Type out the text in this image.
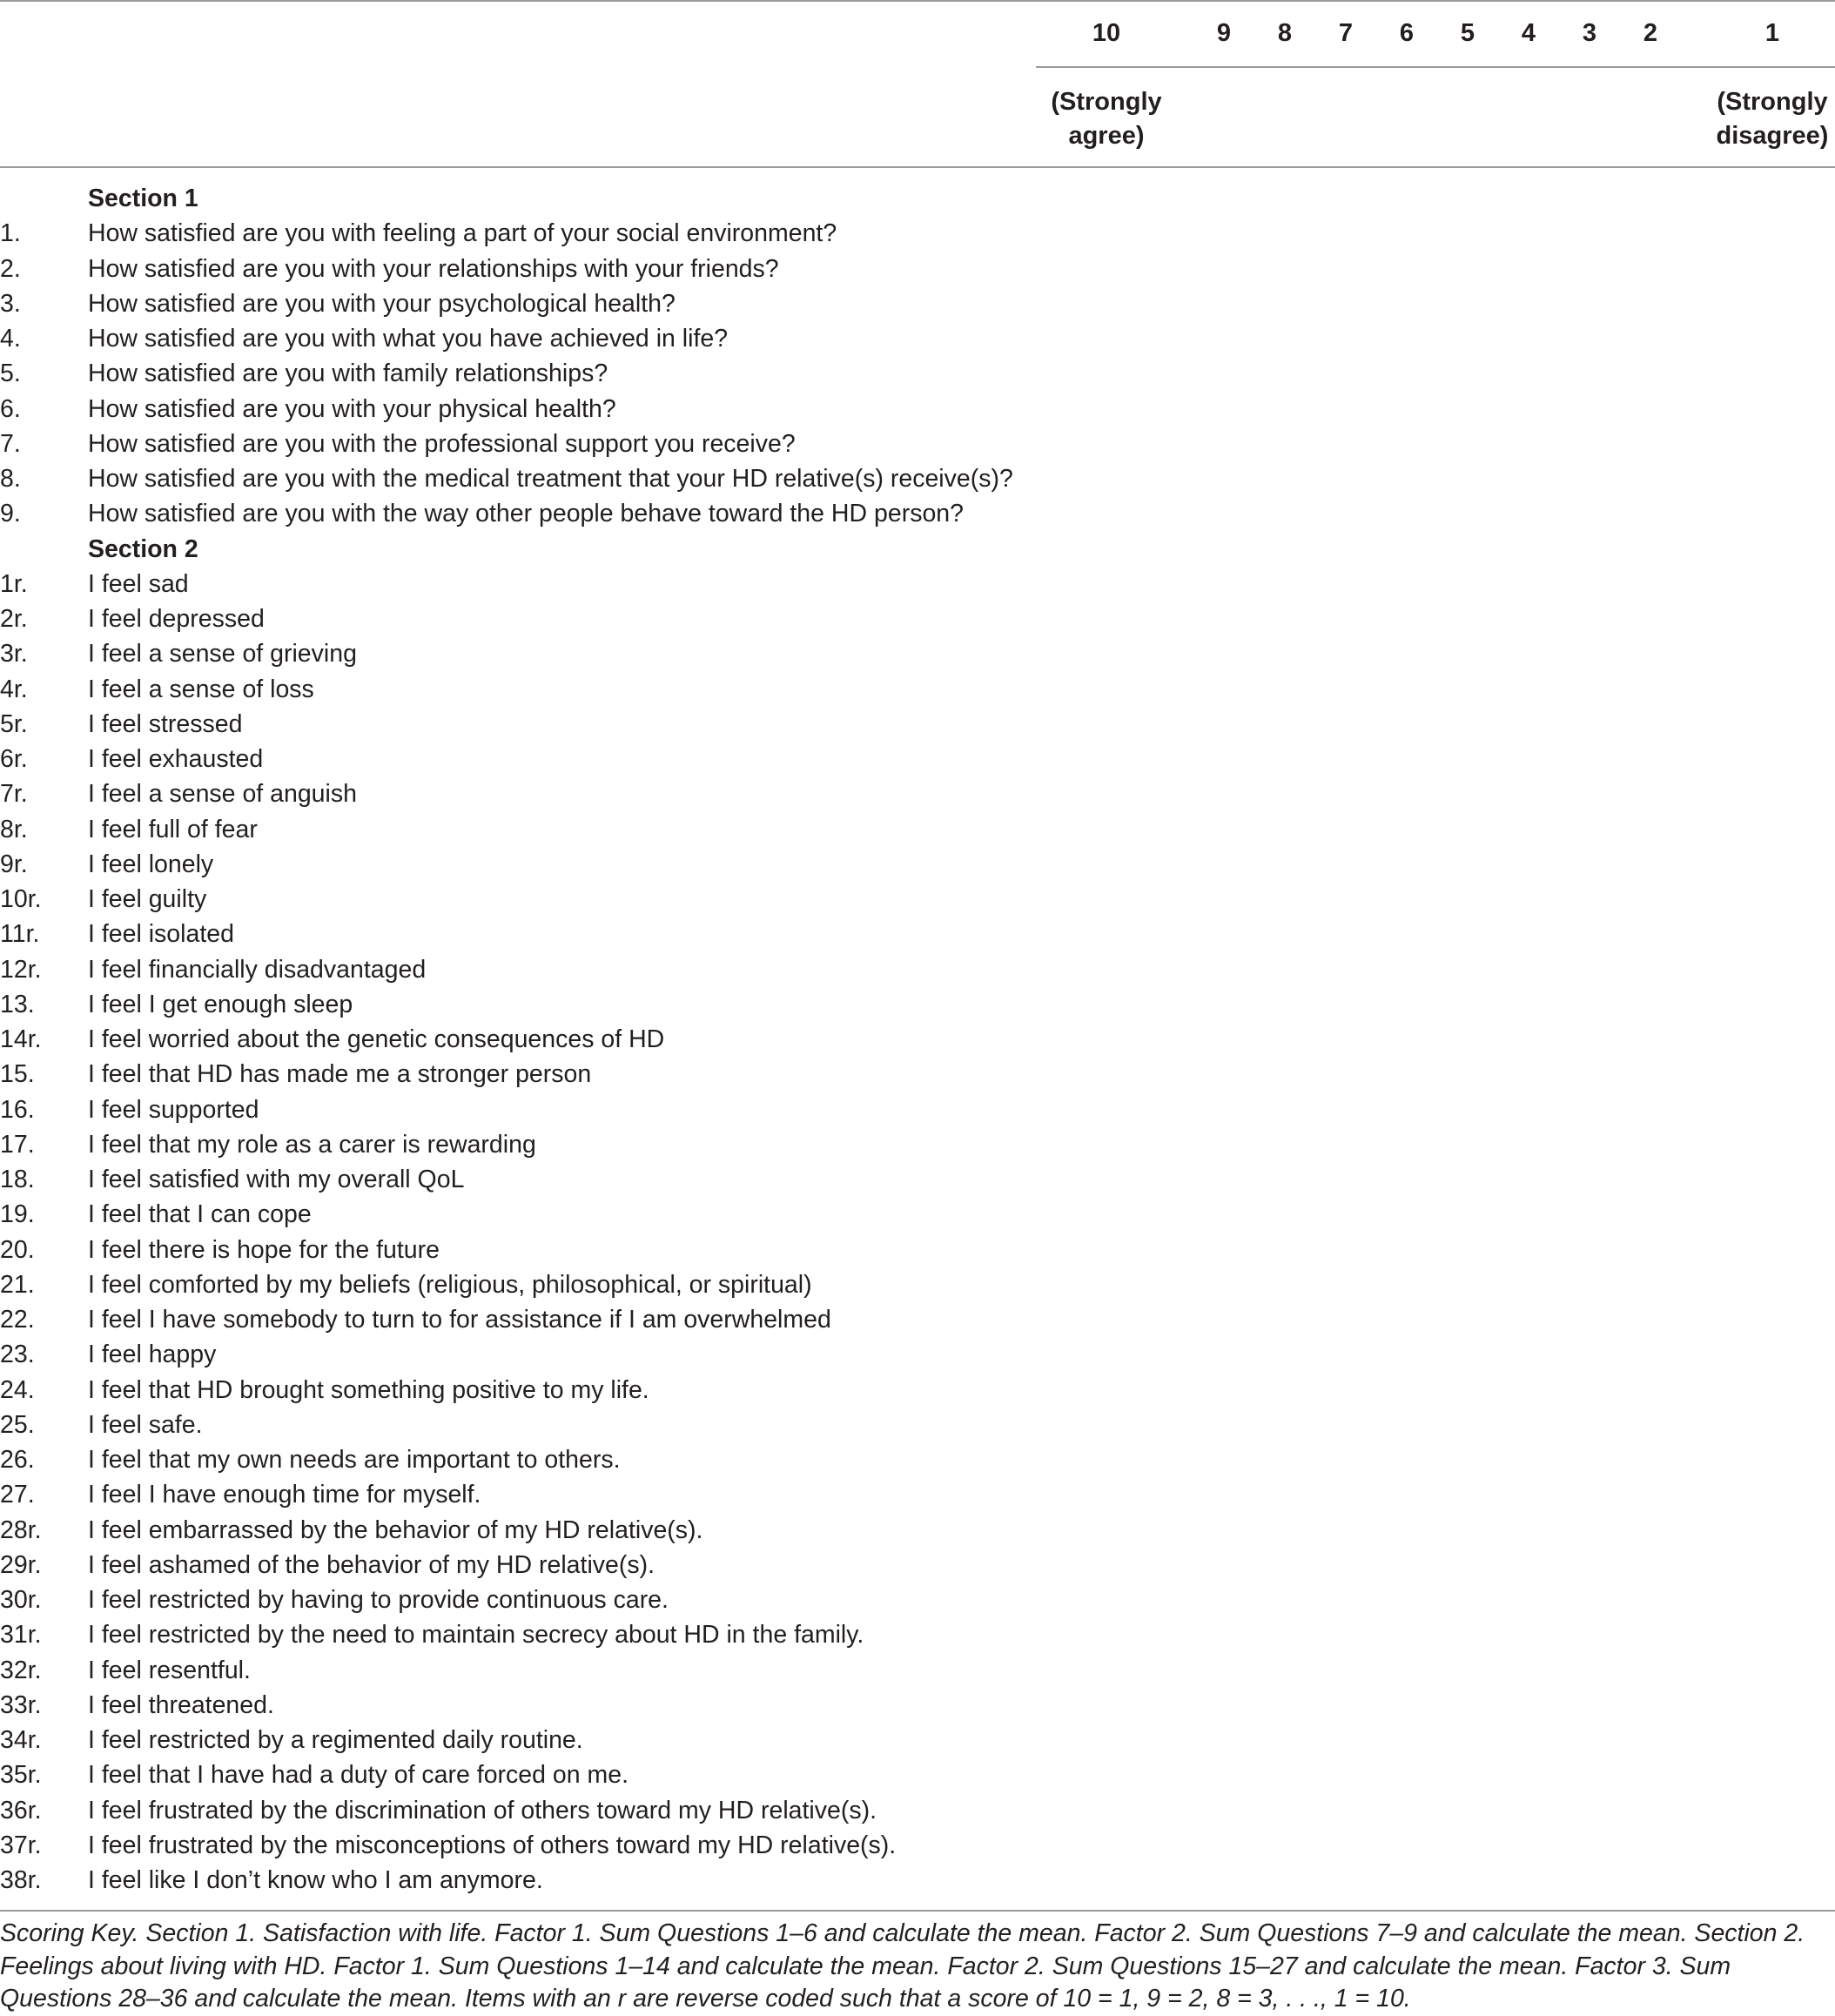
10	9	8	7	6	5	4	3	2	1
(Strongly agree)
(Strongly disagree)
Section 1
1.	How satisfied are you with feeling a part of your social environment?
2.	How satisfied are you with your relationships with your friends?
3.	How satisfied are you with your psychological health?
4.	How satisfied are you with what you have achieved in life?
5.	How satisfied are you with family relationships?
6.	How satisfied are you with your physical health?
7.	How satisfied are you with the professional support you receive?
8.	How satisfied are you with the medical treatment that your HD relative(s) receive(s)?
9.	How satisfied are you with the way other people behave toward the HD person?
Section 2
1r. I feel sad
2r. I feel depressed
3r. I feel a sense of grieving
4r. I feel a sense of loss
5r. I feel stressed
6r. I feel exhausted
7r. I feel a sense of anguish
8r. I feel full of fear
9r. I feel lonely
10r. I feel guilty
11r. I feel isolated
12r. I feel financially disadvantaged
13. I feel I get enough sleep
14r. I feel worried about the genetic consequences of HD
15. I feel that HD has made me a stronger person
16. I feel supported
17. I feel that my role as a carer is rewarding
18. I feel satisfied with my overall QoL
19. I feel that I can cope
20. I feel there is hope for the future
21. I feel comforted by my beliefs (religious, philosophical, or spiritual)
22. I feel I have somebody to turn to for assistance if I am overwhelmed
23. I feel happy
24. I feel that HD brought something positive to my life.
25. I feel safe.
26. I feel that my own needs are important to others.
27. I feel I have enough time for myself.
28r. I feel embarrassed by the behavior of my HD relative(s).
29r. I feel ashamed of the behavior of my HD relative(s).
30r. I feel restricted by having to provide continuous care.
31r. I feel restricted by the need to maintain secrecy about HD in the family.
32r. I feel resentful.
33r. I feel threatened.
34r. I feel restricted by a regimented daily routine.
35r. I feel that I have had a duty of care forced on me.
36r. I feel frustrated by the discrimination of others toward my HD relative(s).
37r. I feel frustrated by the misconceptions of others toward my HD relative(s).
38r. I feel like I don’t know who I am anymore.
Scoring Key. Section 1. Satisfaction with life. Factor 1. Sum Questions 1–6 and calculate the mean. Factor 2. Sum Questions 7–9 and calculate the mean. Section 2. Feelings about living with HD. Factor 1. Sum Questions 1–14 and calculate the mean. Factor 2. Sum Questions 15–27 and calculate the mean. Factor 3. Sum Questions 28–36 and calculate the mean. Items with an r are reverse coded such that a score of 10 = 1, 9 = 2, 8 = 3, . . ., 1 = 10.
